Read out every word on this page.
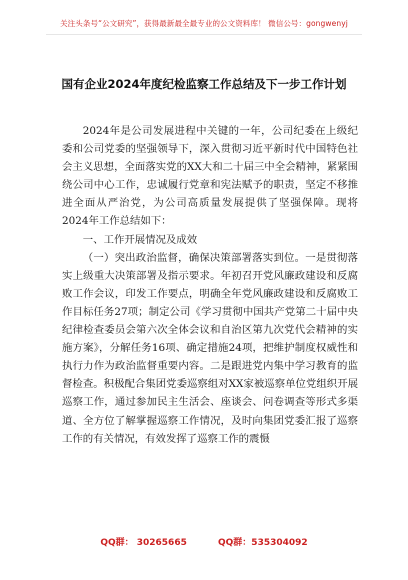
关注头条号“公文研究”，获得最新最全最专业的公文资料库！ 微信公号：gongwenyj
国有企业2024年度纪检监察工作总结及下一步工作计划

2024年是公司发展进程中关键的一年，公司纪委在上级纪委和公司党委的坚强领导下，深入贯彻习近平新时代中国特色社会主义思想，全面落实党的XX大和二十届三中全会精神，紧紧围绕公司中心工作，忠诚履行党章和宪法赋予的职责，坚定不移推进全面从严治党，为公司高质量发展提供了坚强保障。现将2024年工作总结如下：

一、工作开展情况及成效

（一）突出政治监督，确保决策部署落实到位。一是贯彻落实上级重大决策部署及指示要求。年初召开党风廉政建设和反腐败工作会议，印发工作要点，明确全年党风廉政建设和反腐败工作目标任务27项；制定公司《学习贯彻中国共产党第二十届中央纪律检查委员会第六次全体会议和自治区第九次党代会精神的实施方案》，分解任务16项、确定措施24项，把维护制度权威性和执行力作为政治监督重要内容。二是跟进党内集中学习教育的监督检查。积极配合集团党委巡察组对XX家被巡察单位党组织开展巡察工作，通过参加民主生活会、座谈会、问卷调查等形式多渠道、全方位了解掌握巡察工作情况，及时向集团党委汇报了巡察工作的有关情况，有效发挥了巡察工作的震慑

QQ群： 30265665	QQ群：535304092
